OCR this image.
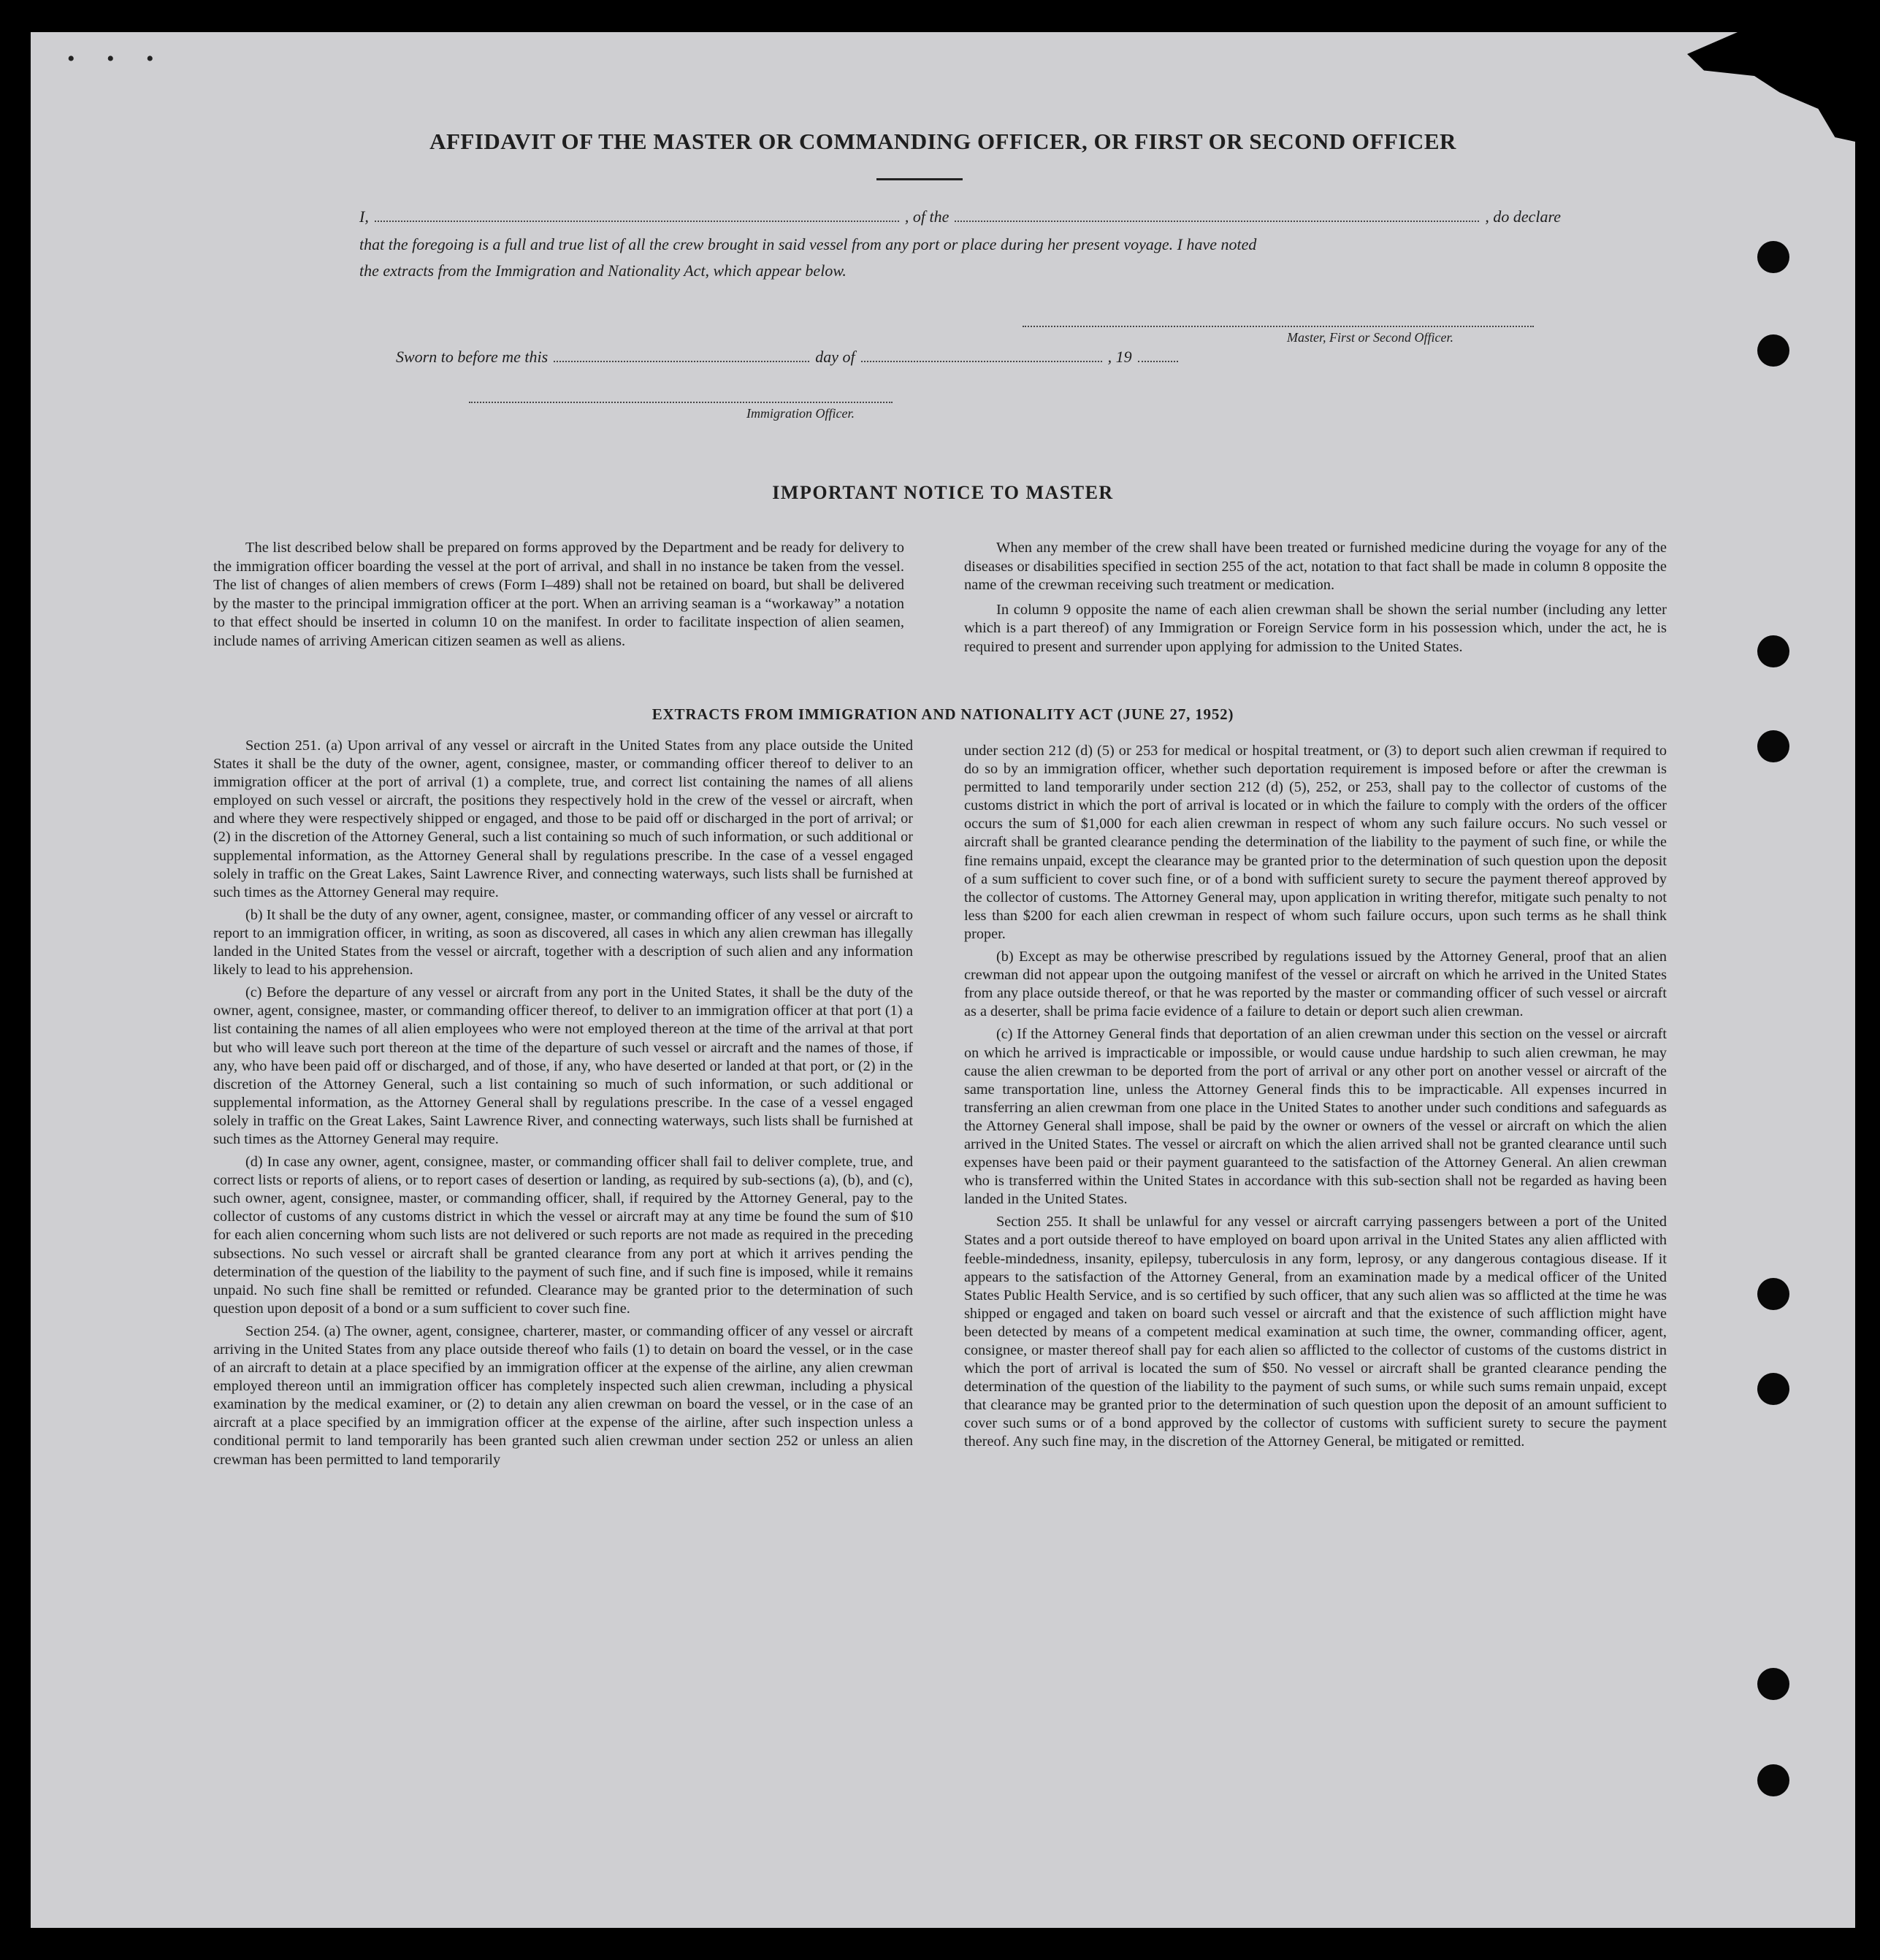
• • •
AFFIDAVIT OF THE MASTER OR COMMANDING OFFICER, OR FIRST OR SECOND OFFICER
I,	, of the	, do declare
that the foregoing is a full and true list of all the crew brought in said vessel from any port or place during her present voyage. I have noted
the extracts from the Immigration and Nationality Act, which appear below.
Master, First or Second Officer.
Sworn to before me this	day of	, 19
Immigration Officer.
IMPORTANT NOTICE TO MASTER

The list described below shall be prepared on forms approved by the Department and be ready for delivery to the immigration officer boarding the vessel at the port of arrival, and shall in no instance be taken from the vessel. The list of changes of alien members of crews (Form I–489) shall not be retained on board, but shall be delivered by the master to the principal immigration officer at the port. When an arriving seaman is a “workaway” a notation to that effect should be inserted in column 10 on the manifest. In order to facilitate inspection of alien seamen, include names of arriving American citizen seamen as well as aliens.

When any member of the crew shall have been treated or furnished medicine during the voyage for any of the diseases or disabilities specified in section 255 of the act, notation to that fact shall be made in column 8 opposite the name of the crewman receiving such treatment or medication.

In column 9 opposite the name of each alien crewman shall be shown the serial number (including any letter which is a part thereof) of any Immigration or Foreign Service form in his possession which, under the act, he is required to present and surrender upon applying for admission to the United States.

EXTRACTS FROM IMMIGRATION AND NATIONALITY ACT (JUNE 27, 1952)

Section 251. (a) Upon arrival of any vessel or aircraft in the United States from any place outside the United States it shall be the duty of the owner, agent, consignee, master, or commanding officer thereof to deliver to an immigration officer at the port of arrival (1) a complete, true, and correct list containing the names of all aliens employed on such vessel or aircraft, the positions they respectively hold in the crew of the vessel or aircraft, when and where they were respectively shipped or engaged, and those to be paid off or discharged in the port of arrival; or (2) in the discretion of the Attorney General, such a list containing so much of such information, or such additional or supplemental information, as the Attorney General shall by regulations prescribe. In the case of a vessel engaged solely in traffic on the Great Lakes, Saint Lawrence River, and connecting waterways, such lists shall be furnished at such times as the Attorney General may require.

(b) It shall be the duty of any owner, agent, consignee, master, or commanding officer of any vessel or aircraft to report to an immigration officer, in writing, as soon as discovered, all cases in which any alien crewman has illegally landed in the United States from the vessel or aircraft, together with a description of such alien and any information likely to lead to his apprehension.

(c) Before the departure of any vessel or aircraft from any port in the United States, it shall be the duty of the owner, agent, consignee, master, or commanding officer thereof, to deliver to an immigration officer at that port (1) a list containing the names of all alien employees who were not employed thereon at the time of the arrival at that port but who will leave such port thereon at the time of the departure of such vessel or aircraft and the names of those, if any, who have been paid off or discharged, and of those, if any, who have deserted or landed at that port, or (2) in the discretion of the Attorney General, such a list containing so much of such information, or such additional or supplemental information, as the Attorney General shall by regulations prescribe. In the case of a vessel engaged solely in traffic on the Great Lakes, Saint Lawrence River, and connecting waterways, such lists shall be furnished at such times as the Attorney General may require.

(d) In case any owner, agent, consignee, master, or commanding officer shall fail to deliver complete, true, and correct lists or reports of aliens, or to report cases of desertion or landing, as required by sub-sections (a), (b), and (c), such owner, agent, consignee, master, or commanding officer, shall, if required by the Attorney General, pay to the collector of customs of any customs district in which the vessel or aircraft may at any time be found the sum of $10 for each alien concerning whom such lists are not delivered or such reports are not made as required in the preceding subsections. No such vessel or aircraft shall be granted clearance from any port at which it arrives pending the determination of the question of the liability to the payment of such fine, and if such fine is imposed, while it remains unpaid. No such fine shall be remitted or refunded. Clearance may be granted prior to the determination of such question upon deposit of a bond or a sum sufficient to cover such fine.

Section 254. (a) The owner, agent, consignee, charterer, master, or commanding officer of any vessel or aircraft arriving in the United States from any place outside thereof who fails (1) to detain on board the vessel, or in the case of an aircraft to detain at a place specified by an immigration officer at the expense of the airline, any alien crewman employed thereon until an immigration officer has completely inspected such alien crewman, including a physical examination by the medical examiner, or (2) to detain any alien crewman on board the vessel, or in the case of an aircraft at a place specified by an immigration officer at the expense of the airline, after such inspection unless a conditional permit to land temporarily has been granted such alien crewman under section 252 or unless an alien crewman has been permitted to land temporarily

under section 212 (d) (5) or 253 for medical or hospital treatment, or (3) to deport such alien crewman if required to do so by an immigration officer, whether such deportation requirement is imposed before or after the crewman is permitted to land temporarily under section 212 (d) (5), 252, or 253, shall pay to the collector of customs of the customs district in which the port of arrival is located or in which the failure to comply with the orders of the officer occurs the sum of $1,000 for each alien crewman in respect of whom any such failure occurs. No such vessel or aircraft shall be granted clearance pending the determination of the liability to the payment of such fine, or while the fine remains unpaid, except the clearance may be granted prior to the determination of such question upon the deposit of a sum sufficient to cover such fine, or of a bond with sufficient surety to secure the payment thereof approved by the collector of customs. The Attorney General may, upon application in writing therefor, mitigate such penalty to not less than $200 for each alien crewman in respect of whom such failure occurs, upon such terms as he shall think proper.

(b) Except as may be otherwise prescribed by regulations issued by the Attorney General, proof that an alien crewman did not appear upon the outgoing manifest of the vessel or aircraft on which he arrived in the United States from any place outside thereof, or that he was reported by the master or commanding officer of such vessel or aircraft as a deserter, shall be prima facie evidence of a failure to detain or deport such alien crewman.

(c) If the Attorney General finds that deportation of an alien crewman under this section on the vessel or aircraft on which he arrived is impracticable or impossible, or would cause undue hardship to such alien crewman, he may cause the alien crewman to be deported from the port of arrival or any other port on another vessel or aircraft of the same transportation line, unless the Attorney General finds this to be impracticable. All expenses incurred in transferring an alien crewman from one place in the United States to another under such conditions and safeguards as the Attorney General shall impose, shall be paid by the owner or owners of the vessel or aircraft on which the alien arrived in the United States. The vessel or aircraft on which the alien arrived shall not be granted clearance until such expenses have been paid or their payment guaranteed to the satisfaction of the Attorney General. An alien crewman who is transferred within the United States in accordance with this sub-section shall not be regarded as having been landed in the United States.

Section 255. It shall be unlawful for any vessel or aircraft carrying passengers between a port of the United States and a port outside thereof to have employed on board upon arrival in the United States any alien afflicted with feeble-mindedness, insanity, epilepsy, tuberculosis in any form, leprosy, or any dangerous contagious disease. If it appears to the satisfaction of the Attorney General, from an examination made by a medical officer of the United States Public Health Service, and is so certified by such officer, that any such alien was so afflicted at the time he was shipped or engaged and taken on board such vessel or aircraft and that the existence of such affliction might have been detected by means of a competent medical examination at such time, the owner, commanding officer, agent, consignee, or master thereof shall pay for each alien so afflicted to the collector of customs of the customs district in which the port of arrival is located the sum of $50. No vessel or aircraft shall be granted clearance pending the determination of the question of the liability to the payment of such sums, or while such sums remain unpaid, except that clearance may be granted prior to the determination of such question upon the deposit of an amount sufficient to cover such sums or of a bond approved by the collector of customs with sufficient surety to secure the payment thereof. Any such fine may, in the discretion of the Attorney General, be mitigated or remitted.
